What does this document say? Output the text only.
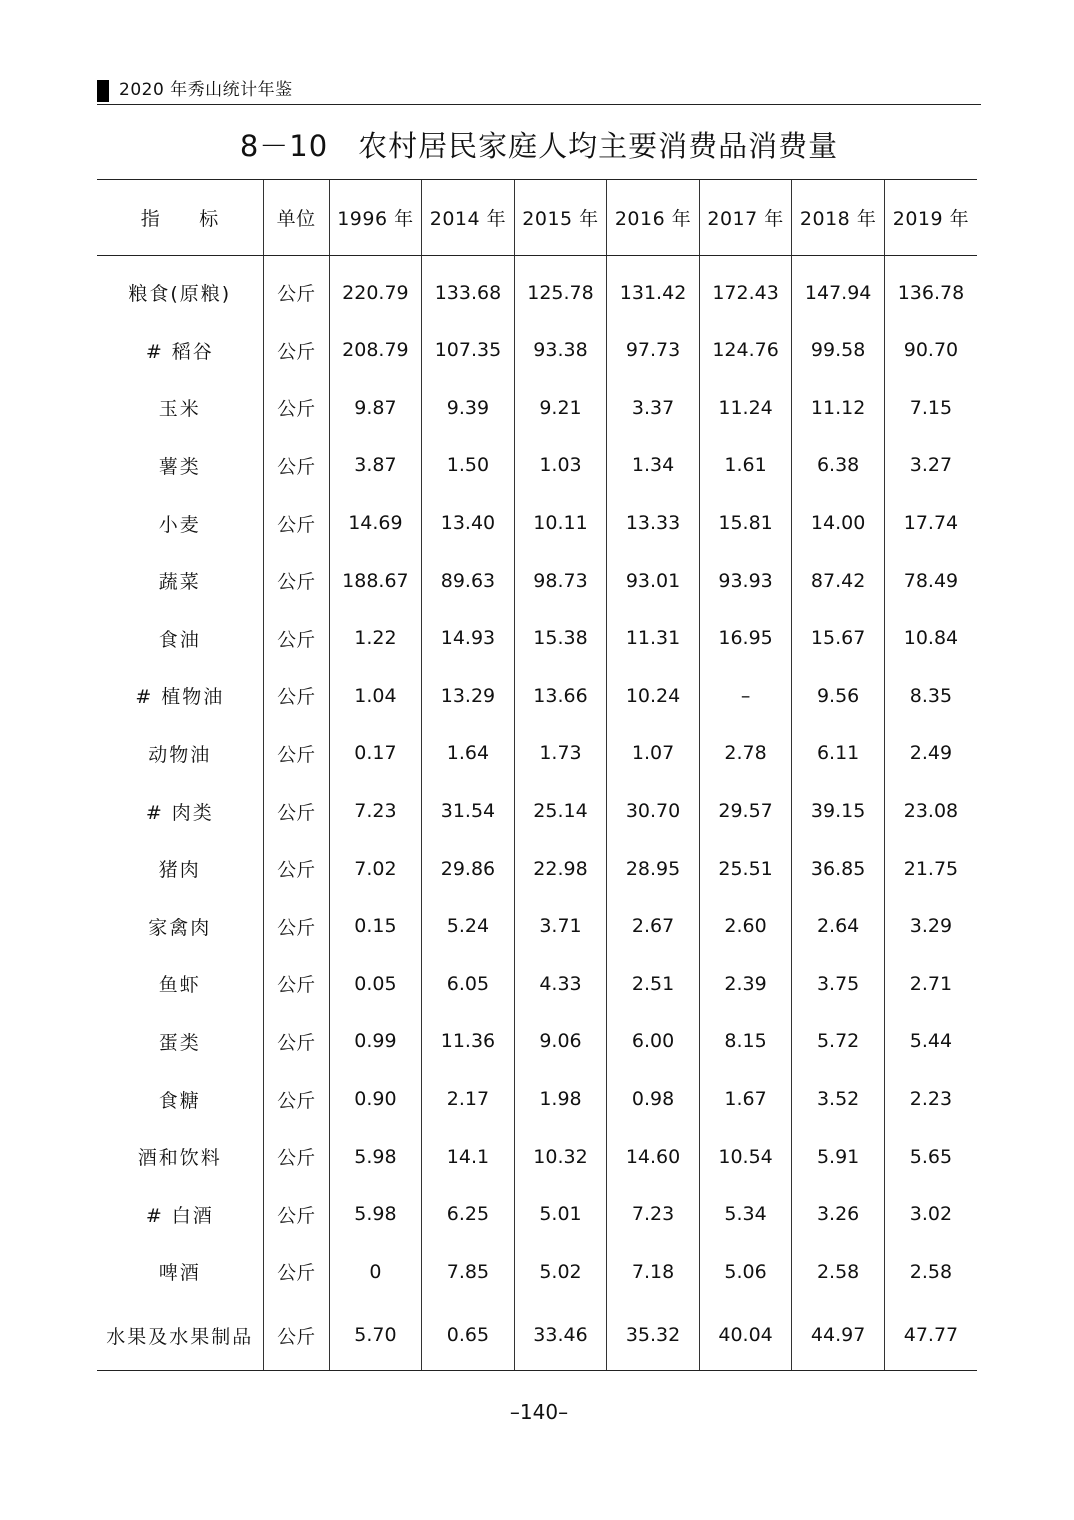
2020 年秀山统计年鉴
8－10 农村居民家庭人均主要消费品消费量
指　　标	单位	1996 年	2014 年	2015 年	2016 年	2017 年	2018 年	2019 年
粮食(原粮)	公斤	220.79	133.68	125.78	131.42	172.43	147.94	136.78
# 稻谷	公斤	208.79	107.35	93.38	97.73	124.76	99.58	90.70
玉米	公斤	9.87	9.39	9.21	3.37	11.24	11.12	7.15
薯类	公斤	3.87	1.50	1.03	1.34	1.61	6.38	3.27
小麦	公斤	14.69	13.40	10.11	13.33	15.81	14.00	17.74
蔬菜	公斤	188.67	89.63	98.73	93.01	93.93	87.42	78.49
食油	公斤	1.22	14.93	15.38	11.31	16.95	15.67	10.84
# 植物油	公斤	1.04	13.29	13.66	10.24	–	9.56	8.35
动物油	公斤	0.17	1.64	1.73	1.07	2.78	6.11	2.49
# 肉类	公斤	7.23	31.54	25.14	30.70	29.57	39.15	23.08
猪肉	公斤	7.02	29.86	22.98	28.95	25.51	36.85	21.75
家禽肉	公斤	0.15	5.24	3.71	2.67	2.60	2.64	3.29
鱼虾	公斤	0.05	6.05	4.33	2.51	2.39	3.75	2.71
蛋类	公斤	0.99	11.36	9.06	6.00	8.15	5.72	5.44
食糖	公斤	0.90	2.17	1.98	0.98	1.67	3.52	2.23
酒和饮料	公斤	5.98	14.1	10.32	14.60	10.54	5.91	5.65
# 白酒	公斤	5.98	6.25	5.01	7.23	5.34	3.26	3.02
啤酒	公斤	0	7.85	5.02	7.18	5.06	2.58	2.58
水果及水果制品	公斤	5.70	0.65	33.46	35.32	40.04	44.97	47.77
–140–
